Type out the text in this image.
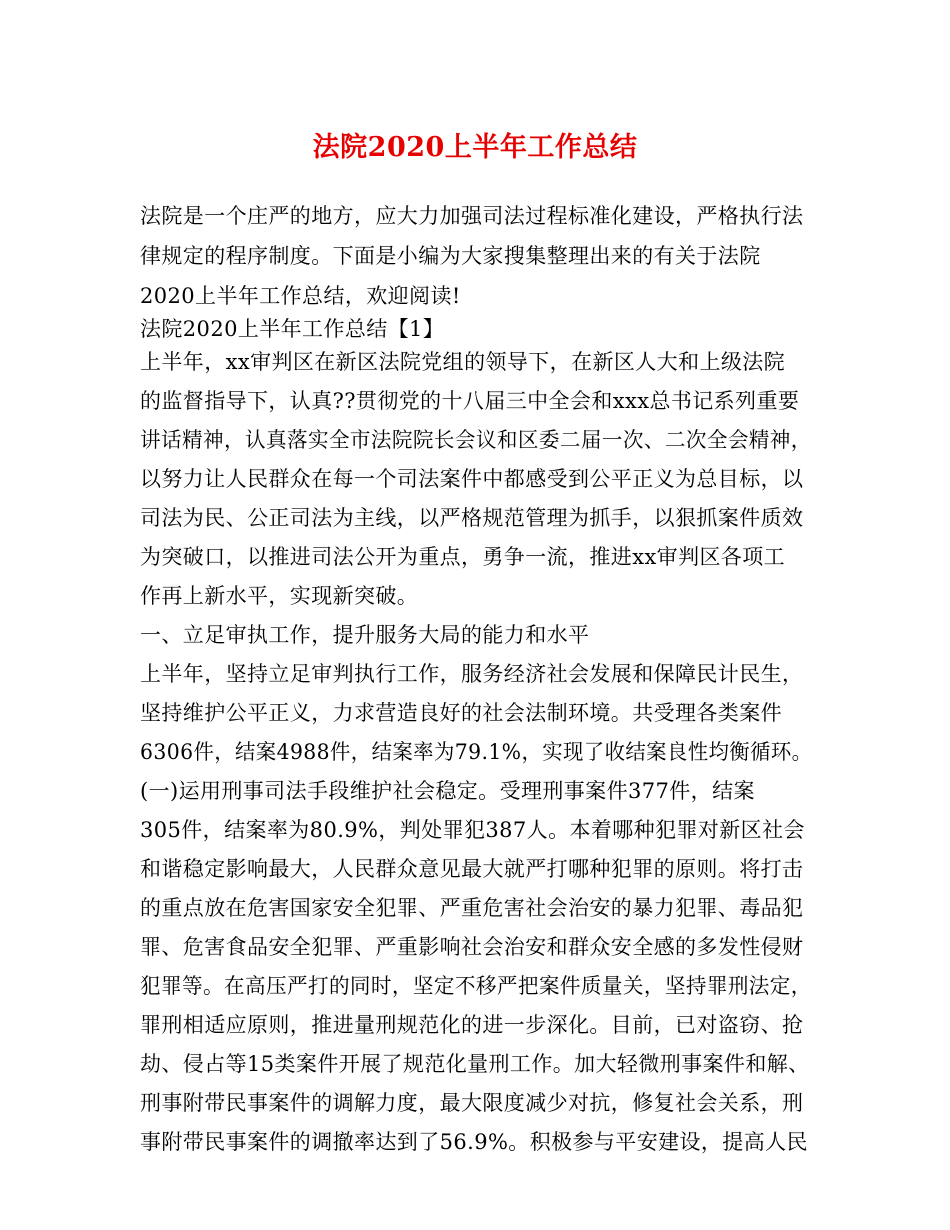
法院2020上半年工作总结
法院是一个庄严的地方，应大力加强司法过程标准化建设，严格执行法
律规定的程序制度。下面是小编为大家搜集整理出来的有关于法院
2020上半年工作总结，欢迎阅读!
法院2020上半年工作总结【1】
上半年，xx审判区在新区法院党组的领导下，在新区人大和上级法院
的监督指导下，认真??贯彻党的十八届三中全会和xxx总书记系列重要
讲话精神，认真落实全市法院院长会议和区委二届一次、二次全会精神，
以努力让人民群众在每一个司法案件中都感受到公平正义为总目标，以
司法为民、公正司法为主线，以严格规范管理为抓手，以狠抓案件质效
为突破口，以推进司法公开为重点，勇争一流，推进xx审判区各项工
作再上新水平，实现新突破。
一、立足审执工作，提升服务大局的能力和水平
上半年，坚持立足审判执行工作，服务经济社会发展和保障民计民生，
坚持维护公平正义，力求营造良好的社会法制环境。共受理各类案件
6306件，结案4988件，结案率为79.1%，实现了收结案良性均衡循环。
(一)运用刑事司法手段维护社会稳定。受理刑事案件377件，结案
305件，结案率为80.9%，判处罪犯387人。本着哪种犯罪对新区社会
和谐稳定影响最大，人民群众意见最大就严打哪种犯罪的原则。将打击
的重点放在危害国家安全犯罪、严重危害社会治安的暴力犯罪、毒品犯
罪、危害食品安全犯罪、严重影响社会治安和群众安全感的多发性侵财
犯罪等。在高压严打的同时，坚定不移严把案件质量关，坚持罪刑法定，
罪刑相适应原则，推进量刑规范化的进一步深化。目前，已对盗窃、抢
劫、侵占等15类案件开展了规范化量刑工作。加大轻微刑事案件和解、
刑事附带民事案件的调解力度，最大限度减少对抗，修复社会关系，刑
事附带民事案件的调撤率达到了56.9%。积极参与平安建设，提高人民
